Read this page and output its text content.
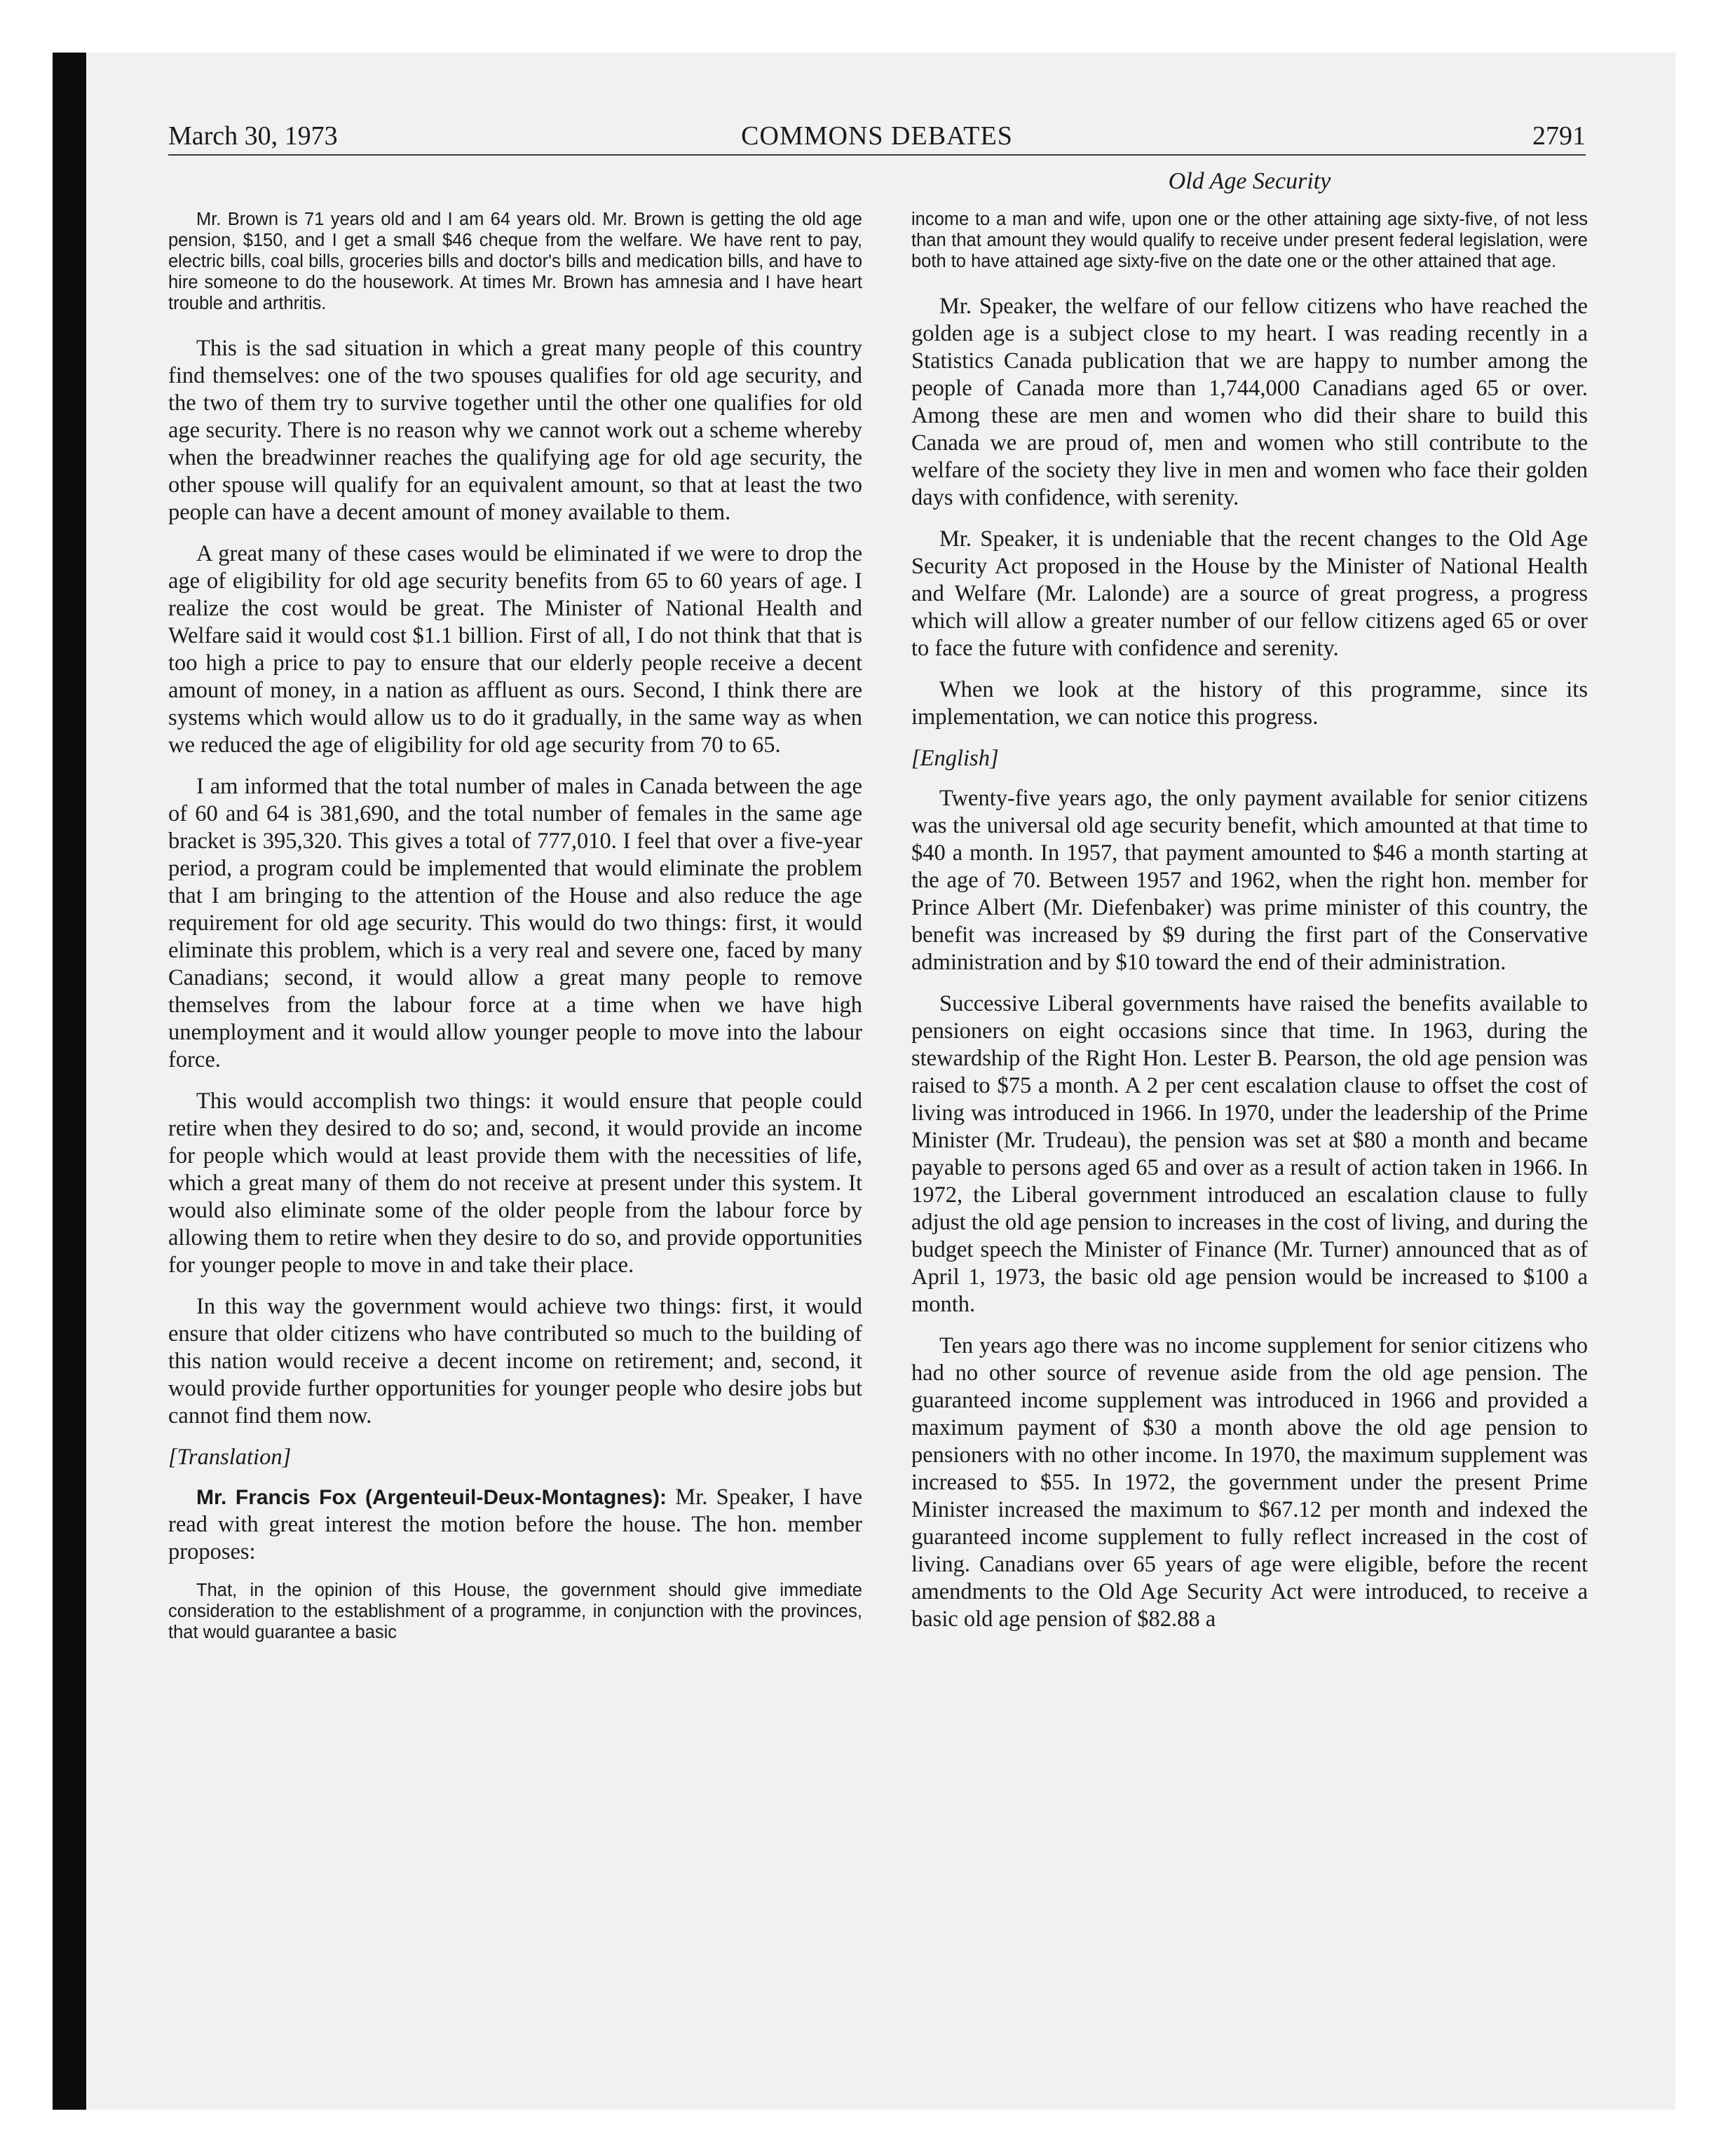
March 30, 1973	COMMONS DEBATES	2791
Old Age Security

Mr. Brown is 71 years old and I am 64 years old. Mr. Brown is getting the old age pension, $150, and I get a small $46 cheque from the welfare. We have rent to pay, electric bills, coal bills, groceries bills and doctor's bills and medication bills, and have to hire someone to do the housework. At times Mr. Brown has amnesia and I have heart trouble and arthritis.

This is the sad situation in which a great many people of this country find themselves: one of the two spouses qualifies for old age security, and the two of them try to survive together until the other one qualifies for old age security. There is no reason why we cannot work out a scheme whereby when the breadwinner reaches the qualifying age for old age security, the other spouse will qualify for an equivalent amount, so that at least the two people can have a decent amount of money available to them.

A great many of these cases would be eliminated if we were to drop the age of eligibility for old age security benefits from 65 to 60 years of age. I realize the cost would be great. The Minister of National Health and Welfare said it would cost $1.1 billion. First of all, I do not think that that is too high a price to pay to ensure that our elderly people receive a decent amount of money, in a nation as affluent as ours. Second, I think there are systems which would allow us to do it gradually, in the same way as when we reduced the age of eligibility for old age security from 70 to 65.

I am informed that the total number of males in Canada between the age of 60 and 64 is 381,690, and the total number of females in the same age bracket is 395,320. This gives a total of 777,010. I feel that over a five-year period, a program could be implemented that would eliminate the problem that I am bringing to the attention of the House and also reduce the age requirement for old age security. This would do two things: first, it would eliminate this problem, which is a very real and severe one, faced by many Canadians; second, it would allow a great many people to remove themselves from the labour force at a time when we have high unemployment and it would allow younger people to move into the labour force.

This would accomplish two things: it would ensure that people could retire when they desired to do so; and, second, it would provide an income for people which would at least provide them with the necessities of life, which a great many of them do not receive at present under this system. It would also eliminate some of the older people from the labour force by allowing them to retire when they desire to do so, and provide opportunities for younger people to move in and take their place.

In this way the government would achieve two things: first, it would ensure that older citizens who have contributed so much to the building of this nation would receive a decent income on retirement; and, second, it would provide further opportunities for younger people who desire jobs but cannot find them now.

[Translation]

Mr. Francis Fox (Argenteuil-Deux-Montagnes): Mr. Speaker, I have read with great interest the motion before the house. The hon. member proposes:

That, in the opinion of this House, the government should give immediate consideration to the establishment of a programme, in conjunction with the provinces, that would guarantee a basic

income to a man and wife, upon one or the other attaining age sixty-five, of not less than that amount they would qualify to receive under present federal legislation, were both to have attained age sixty-five on the date one or the other attained that age.

Mr. Speaker, the welfare of our fellow citizens who have reached the golden age is a subject close to my heart. I was reading recently in a Statistics Canada publication that we are happy to number among the people of Canada more than 1,744,000 Canadians aged 65 or over. Among these are men and women who did their share to build this Canada we are proud of, men and women who still contribute to the welfare of the society they live in men and women who face their golden days with confidence, with serenity.

Mr. Speaker, it is undeniable that the recent changes to the Old Age Security Act proposed in the House by the Minister of National Health and Welfare (Mr. Lalonde) are a source of great progress, a progress which will allow a greater number of our fellow citizens aged 65 or over to face the future with confidence and serenity.

When we look at the history of this programme, since its implementation, we can notice this progress.

[English]

Twenty-five years ago, the only payment available for senior citizens was the universal old age security benefit, which amounted at that time to $40 a month. In 1957, that payment amounted to $46 a month starting at the age of 70. Between 1957 and 1962, when the right hon. member for Prince Albert (Mr. Diefenbaker) was prime minister of this country, the benefit was increased by $9 during the first part of the Conservative administration and by $10 toward the end of their administration.

Successive Liberal governments have raised the benefits available to pensioners on eight occasions since that time. In 1963, during the stewardship of the Right Hon. Lester B. Pearson, the old age pension was raised to $75 a month. A 2 per cent escalation clause to offset the cost of living was introduced in 1966. In 1970, under the leadership of the Prime Minister (Mr. Trudeau), the pension was set at $80 a month and became payable to persons aged 65 and over as a result of action taken in 1966. In 1972, the Liberal government introduced an escalation clause to fully adjust the old age pension to increases in the cost of living, and during the budget speech the Minister of Finance (Mr. Turner) announced that as of April 1, 1973, the basic old age pension would be increased to $100 a month.

Ten years ago there was no income supplement for senior citizens who had no other source of revenue aside from the old age pension. The guaranteed income supplement was introduced in 1966 and provided a maximum payment of $30 a month above the old age pension to pensioners with no other income. In 1970, the maximum supplement was increased to $55. In 1972, the government under the present Prime Minister increased the maximum to $67.12 per month and indexed the guaranteed income supplement to fully reflect increased in the cost of living. Canadians over 65 years of age were eligible, before the recent amendments to the Old Age Security Act were introduced, to receive a basic old age pension of $82.88 a
